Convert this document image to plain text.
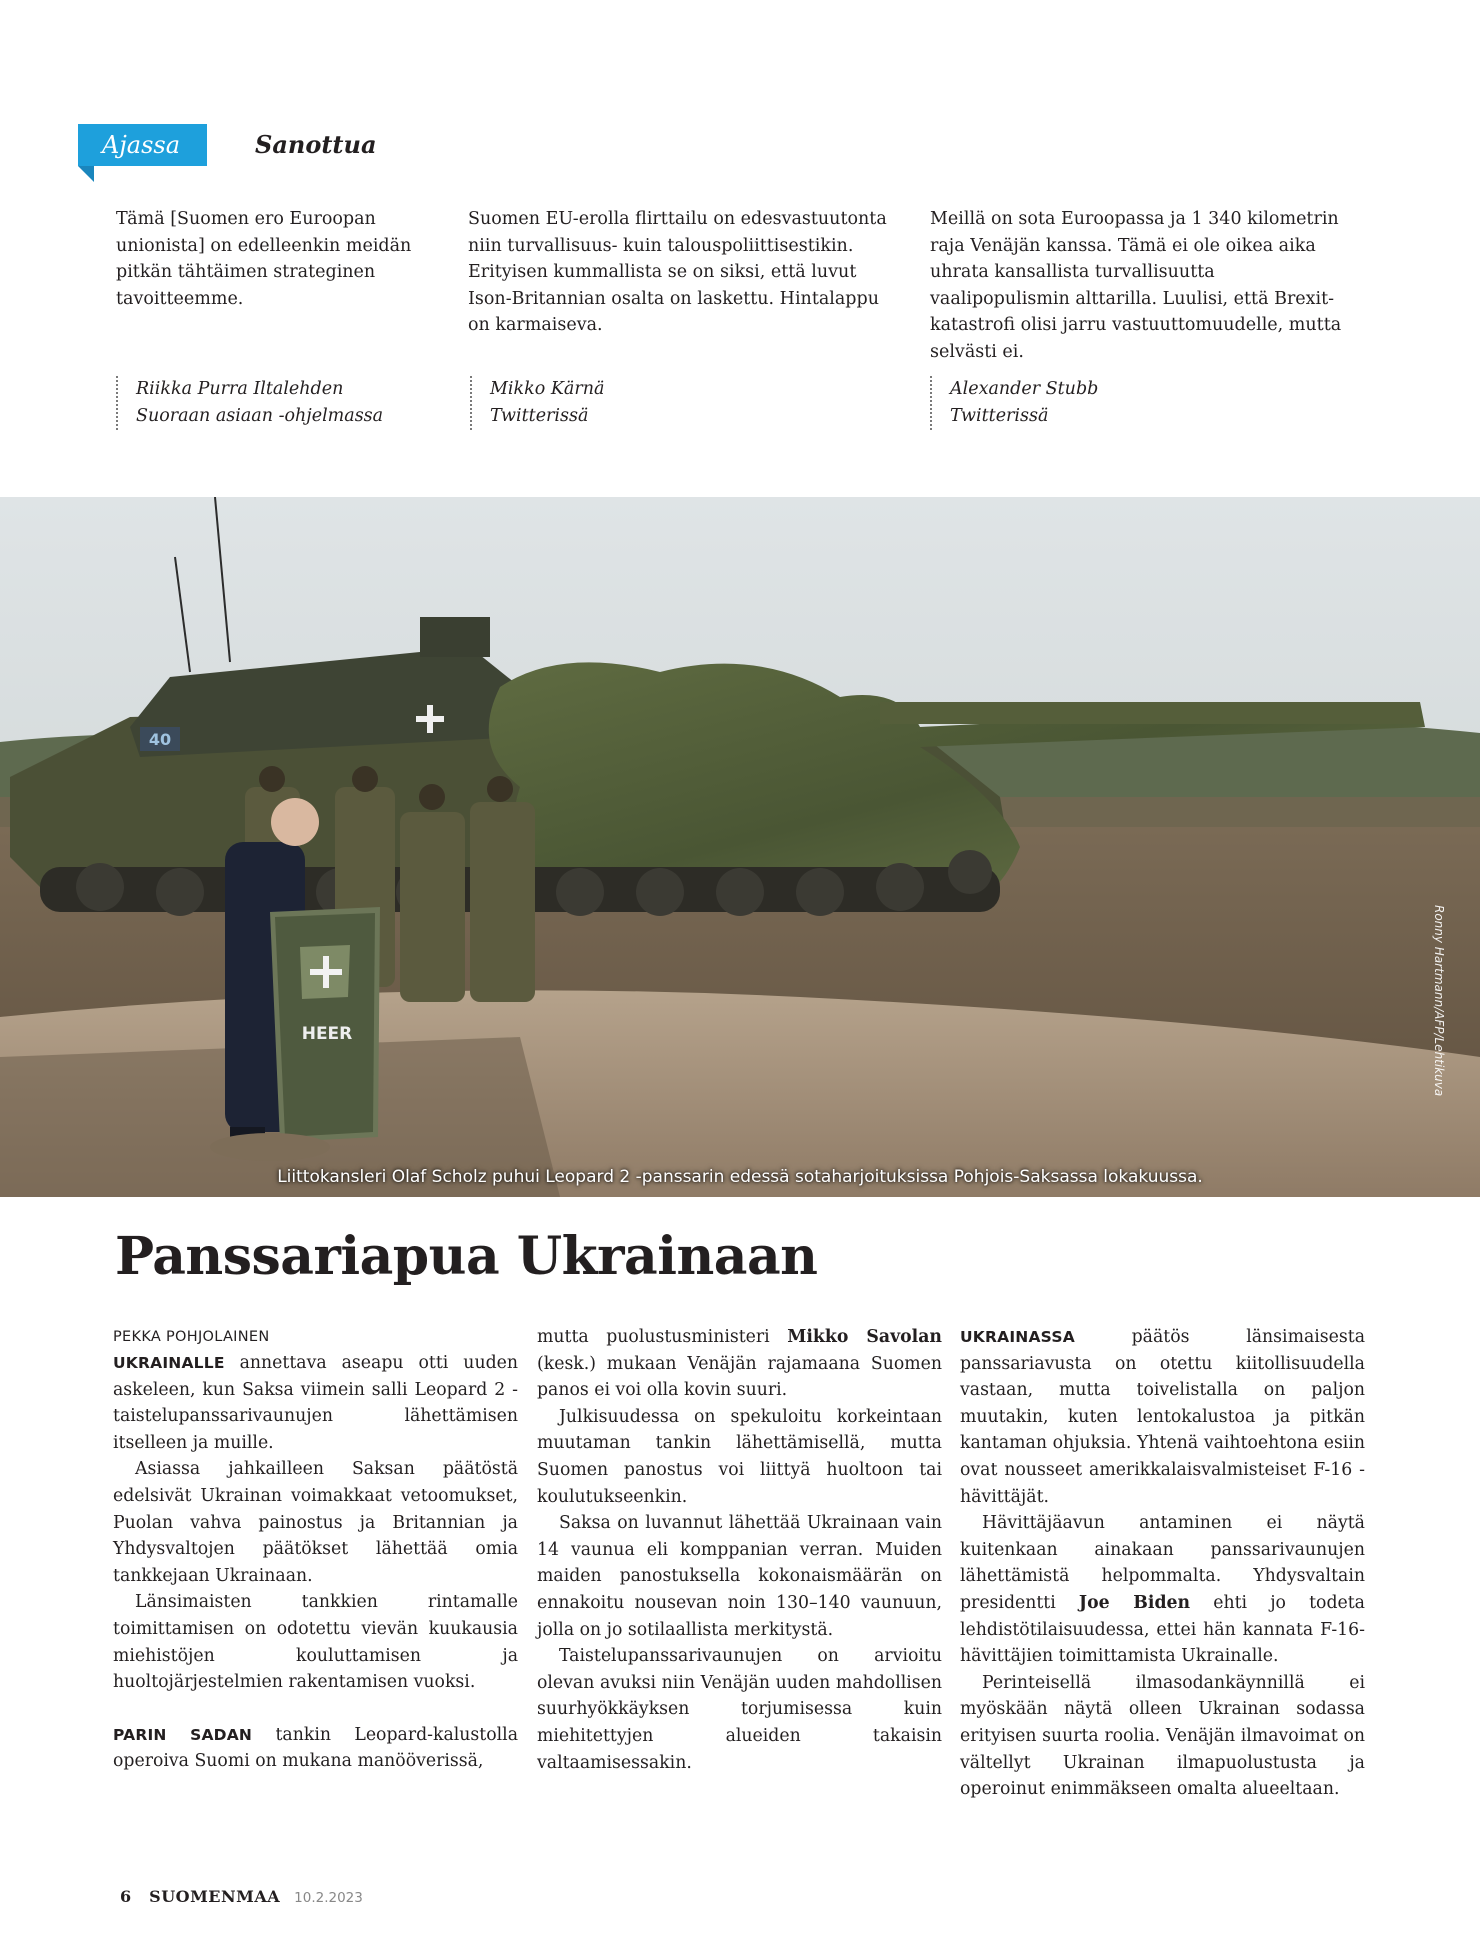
Ajassa	Sanottua

Tämä [Suomen ero Euroopan unionista] on edelleenkin meidän pitkän tähtäimen strateginen tavoitteemme.

Suomen EU-erolla flirttailu on edesvastuutonta niin turvallisuus- kuin talouspoliittisestikin. Erityisen kummallista se on siksi, että luvut Ison-Britannian osalta on laskettu. Hintalappu on karmaiseva.

Meillä on sota Euroopassa ja 1 340 kilometrin raja Venäjän kanssa. Tämä ei ole oikea aika uhrata kansallista turvallisuutta vaalipopulismin alttarilla. Luulisi, että Brexit-katastrofi olisi jarru vastuuttomuudelle, mutta selvästi ei.

Riikka Purra Iltalehden
Suoraan asiaan -ohjelmassa
Mikko Kärnä
Twitterissä
Alexander Stubb
Twitterissä
40
HEER
Liittokansleri Olaf Scholz puhui Leopard 2 -panssarin edessä sotaharjoituksissa Pohjois-Saksassa lokakuussa.
Ronny Hartmann/AFP/Lehtikuva
Panssariapua Ukrainaan
PEKKA POHJOLAINEN

UKRAINALLE annettava aseapu otti uuden askeleen, kun Saksa viimein salli Leopard 2 -taistelupanssarivaunujen lähettämisen itselleen ja muille.

Asiassa jahkailleen Saksan päätöstä edelsivät Ukrainan voimakkaat vetoomukset, Puolan vahva painostus ja Britannian ja Yhdysvaltojen päätökset lähettää omia tankkejaan Ukrainaan.

Länsimaisten tankkien rintamalle toimittamisen on odotettu vievän kuukausia miehistöjen kouluttamisen ja huoltojärjestelmien rakentamisen vuoksi.

PARIN SADAN tankin Leopard-kalustolla operoiva Suomi on mukana manööverissä,

mutta puolustusministeri Mikko Savolan (kesk.) mukaan Venäjän rajamaana Suomen panos ei voi olla kovin suuri.

Julkisuudessa on spekuloitu korkeintaan muutaman tankin lähettämisellä, mutta Suomen panostus voi liittyä huoltoon tai koulutukseenkin.

Saksa on luvannut lähettää Ukrainaan vain 14 vaunua eli komppanian verran. Muiden maiden panostuksella kokonaismäärän on ennakoitu nousevan noin 130–140 vaunuun, jolla on jo sotilaallista merkitystä.

Taistelupanssarivaunujen on arvioitu olevan avuksi niin Venäjän uuden mahdollisen suurhyökkäyksen torjumisessa kuin miehitettyjen alueiden takaisin valtaamisessakin.

UKRAINASSA päätös länsimaisesta panssariavusta on otettu kiitollisuudella vastaan, mutta toivelistalla on paljon muutakin, kuten lentokalustoa ja pitkän kantaman ohjuksia. Yhtenä vaihtoehtona esiin ovat nousseet amerikkalaisvalmisteiset F-16 -hävittäjät.

Hävittäjäavun antaminen ei näytä kuitenkaan ainakaan panssarivaunujen lähettämistä helpommalta. Yhdysvaltain presidentti Joe Biden ehti jo todeta lehdistötilaisuudessa, ettei hän kannata F-16-hävittäjien toimittamista Ukrainalle.

Perinteisellä ilmasodankäynnillä ei myöskään näytä olleen Ukrainan sodassa erityisen suurta roolia. Venäjän ilmavoimat on vältellyt Ukrainan ilmapuolustusta ja operoinut enimmäkseen omalta alueeltaan.

6 SUOMENMAA 10.2.2023
